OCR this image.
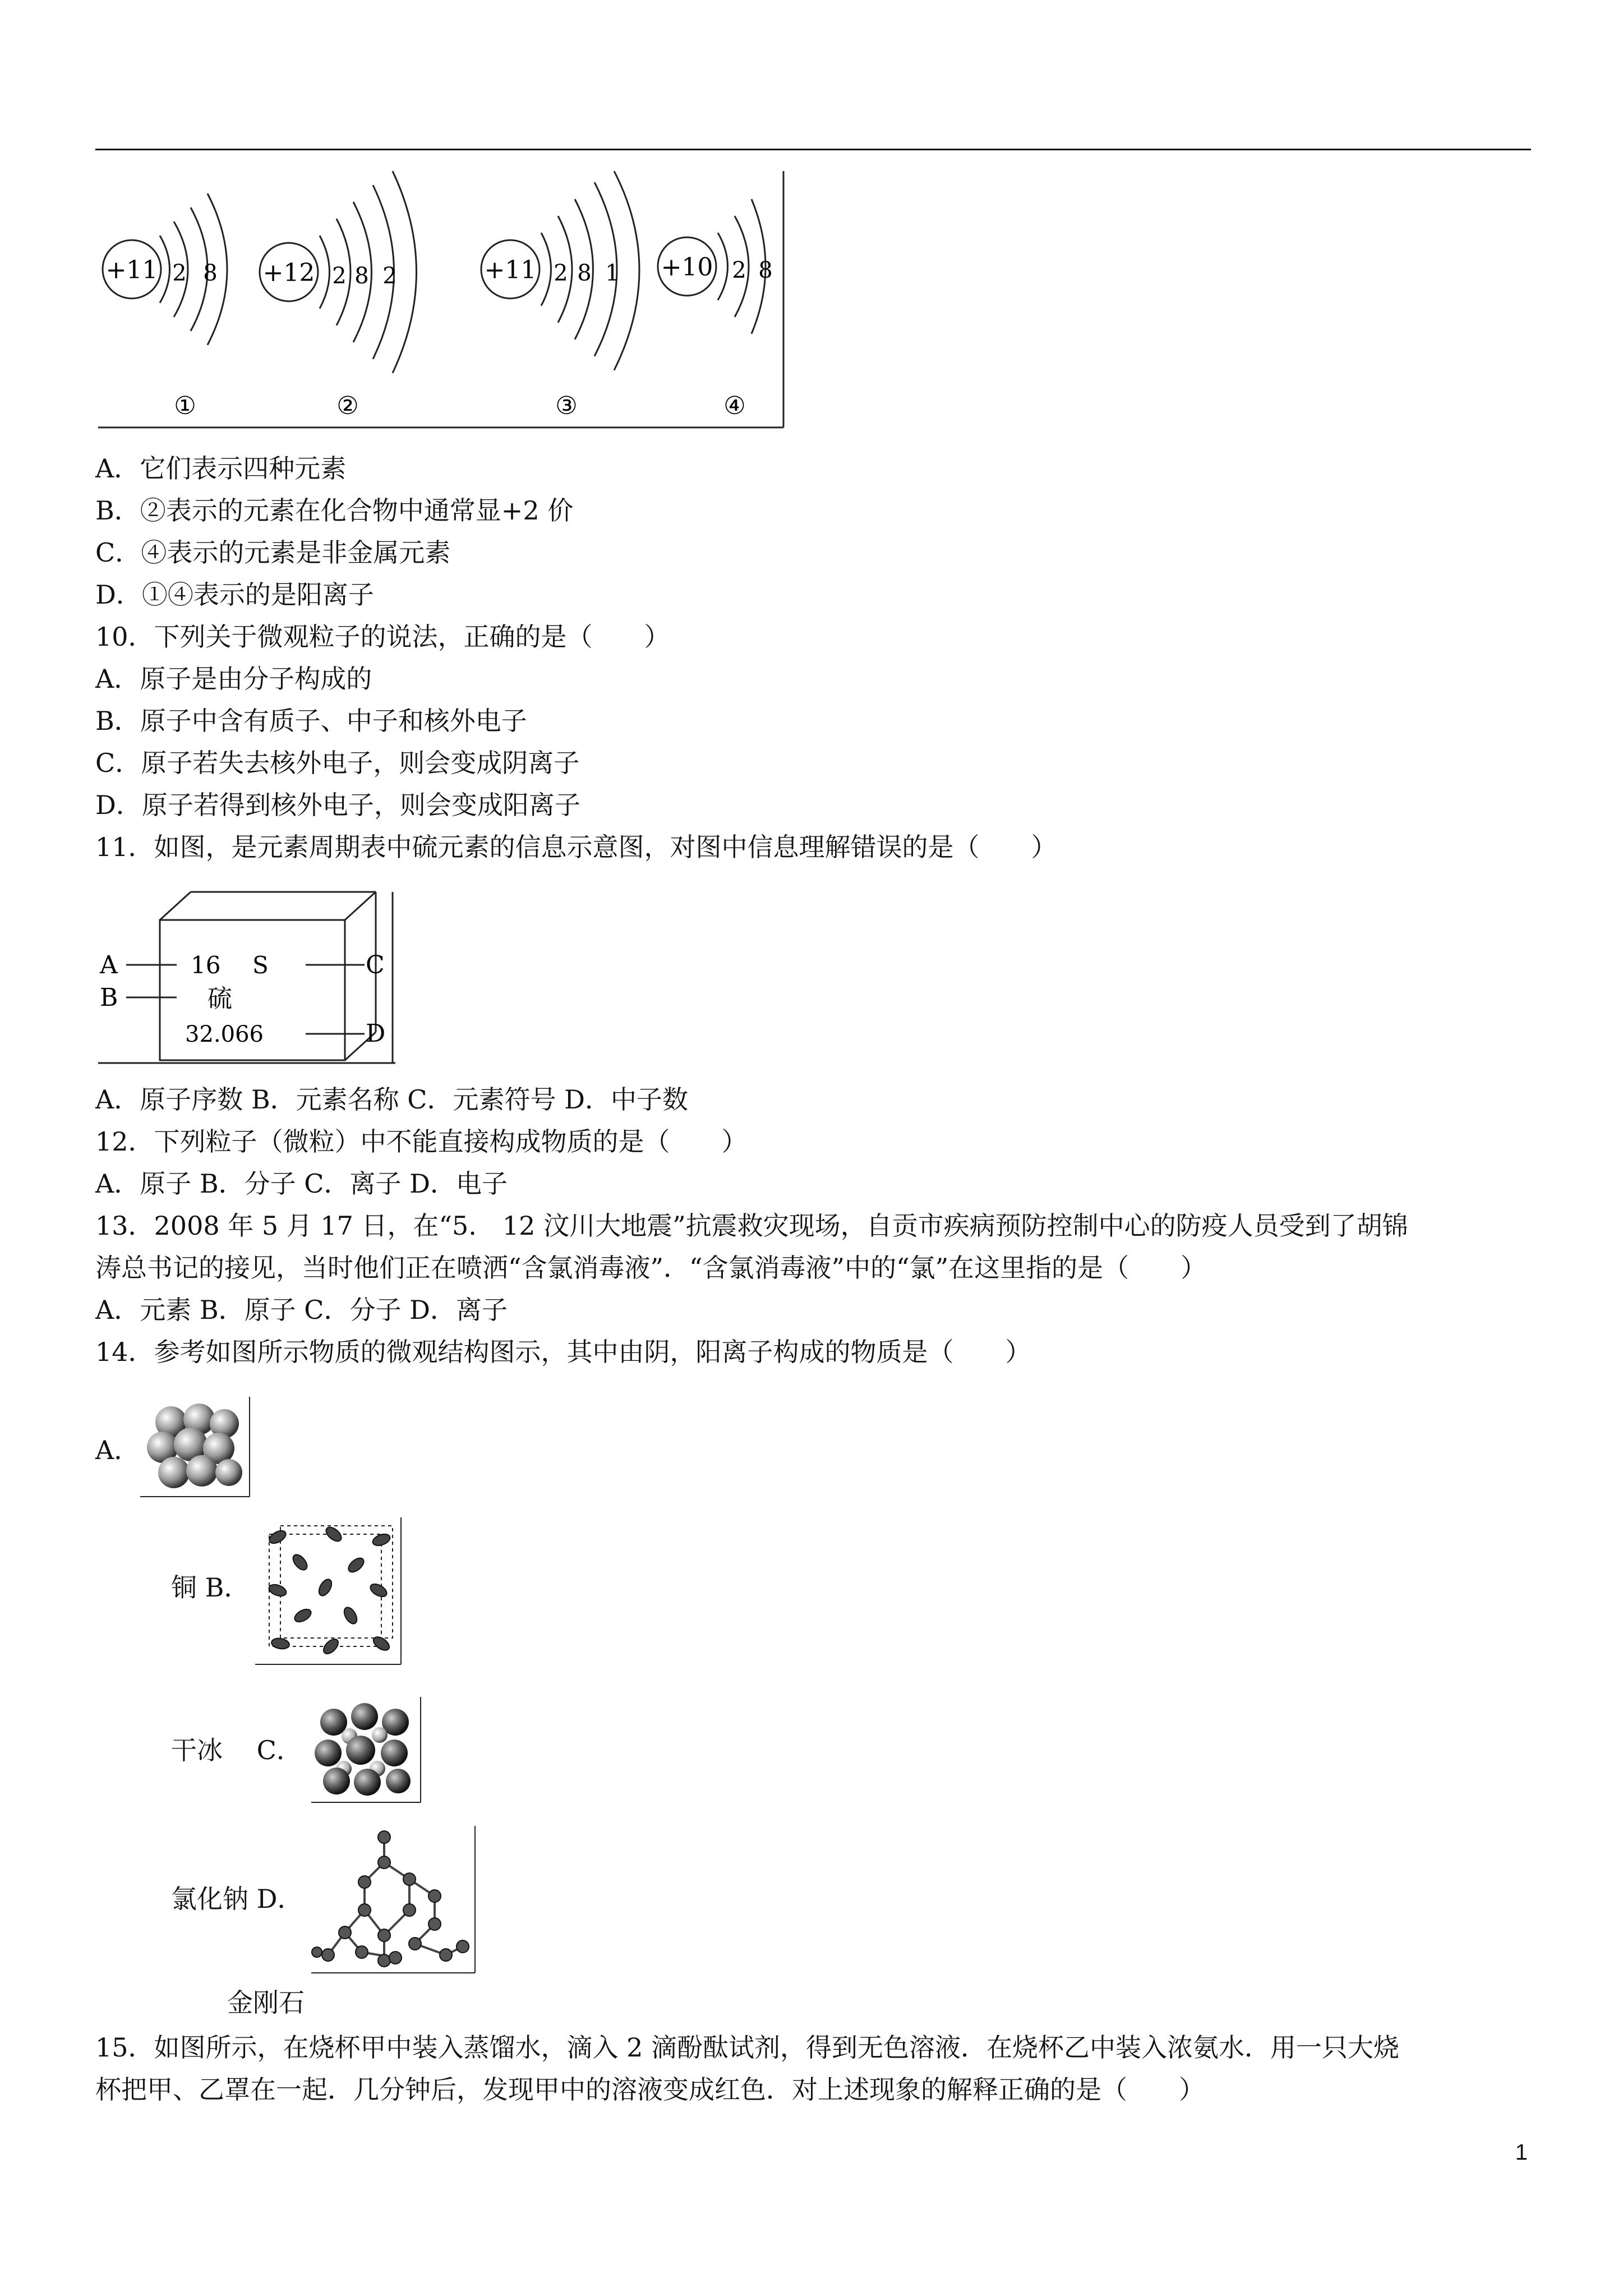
+11 2 8
①
+12 2 8 2
②
+11 2 8 1
③
+10 2 8
④
A．它们表示四种元素
B．②表示的元素在化合物中通常显+2 价
C．④表示的元素是非金属元素
D．①④表示的是阳离子
10．下列关于微观粒子的说法，正确的是（　　）
A．原子是由分子构成的
B．原子中含有质子、中子和核外电子
C．原子若失去核外电子，则会变成阴离子
D．原子若得到核外电子，则会变成阳离子
11．如图，是元素周期表中硫元素的信息示意图，对图中信息理解错误的是（　　）
A
B
C
D
16 S
硫
32.066
A．原子序数 B．元素名称 C．元素符号 D．中子数
12．下列粒子（微粒）中不能直接构成物质的是（　　）
A．原子 B．分子 C．离子 D．电子
13．2008 年 5 月 17 日，在“5.　12 汶川大地震”抗震救灾现场，自贡市疾病预防控制中心的防疫人员受到了胡锦
涛总书记的接见，当时他们正在喷洒“含氯消毒液”．“含氯消毒液”中的“氯”在这里指的是（　　）
A．元素 B．原子 C．分子 D．离子
14．参考如图所示物质的微观结构图示，其中由阴，阳离子构成的物质是（　　）
A．
铜 B．
干冰　 C．
氯化钠 D．
金刚石
15．如图所示，在烧杯甲中装入蒸馏水，滴入 2 滴酚酞试剂，得到无色溶液．在烧杯乙中装入浓氨水．用一只大烧
杯把甲、乙罩在一起．几分钟后，发现甲中的溶液变成红色．对上述现象的解释正确的是（　　）
1
